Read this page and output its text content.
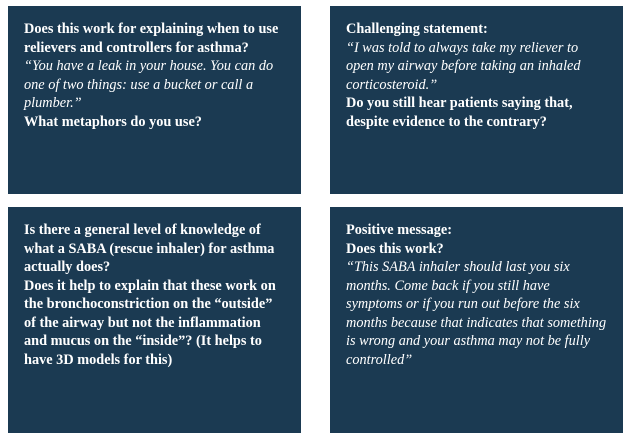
Does this work for explaining when to use relievers and controllers for asthma?

“You have a leak in your house. You can do one of two things: use a bucket or call a plumber.”

What metaphors do you use?

Challenging statement:

“I was told to always take my reliever to open my airway before taking an inhaled corticosteroid.”

Do you still hear patients saying that, despite evidence to the contrary?

Is there a general level of knowledge of what a SABA (rescue inhaler) for asthma actually does?

Does it help to explain that these work on the bronchoconstriction on the “outside” of the airway but not the inflammation and mucus on the “inside”? (It helps to have 3D models for this)

Positive message:

Does this work?

“This SABA inhaler should last you six months. Come back if you still have symptoms or if you run out before the six months because that indicates that something is wrong and your asthma may not be fully controlled”
